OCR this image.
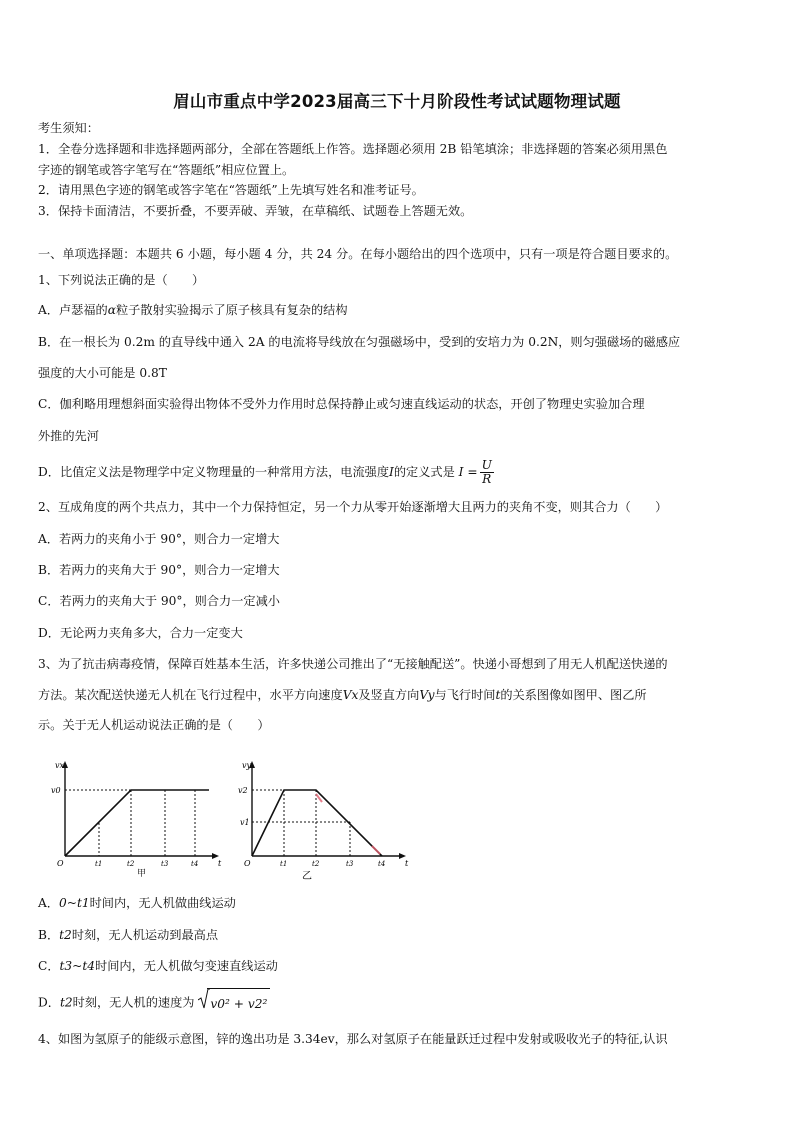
眉山市重点中学2023届高三下十月阶段性考试试题物理试题
考生须知：
1．全卷分选择题和非选择题两部分，全部在答题纸上作答。选择题必须用 2B 铅笔填涂；非选择题的答案必须用黑色
字迹的钢笔或答字笔写在“答题纸”相应位置上。
2．请用黑色字迹的钢笔或答字笔在“答题纸”上先填写姓名和准考证号。
3．保持卡面清洁，不要折叠，不要弄破、弄皱，在草稿纸、试题卷上答题无效。
一、单项选择题：本题共 6 小题，每小题 4 分，共 24 分。在每小题给出的四个选项中，只有一项是符合题目要求的。
1、下列说法正确的是（　　）
A．卢瑟福的α粒子散射实验揭示了原子核具有复杂的结构
B．在一根长为 0.2m 的直导线中通入 2A 的电流将导线放在匀强磁场中，受到的安培力为 0.2N，则匀强磁场的磁感应
强度的大小可能是 0.8T
C．伽利略用理想斜面实验得出物体不受外力作用时总保持静止或匀速直线运动的状态，开创了物理史实验加合理
外推的先河
D．比值定义法是物理学中定义物理量的一种常用方法，电流强度I的定义式是 $I = \frac{U}{R}$
2、互成角度的两个共点力，其中一个力保持恒定，另一个力从零开始逐渐增大且两力的夹角不变，则其合力（　　）
A．若两力的夹角小于 90°，则合力一定增大
B．若两力的夹角大于 90°，则合力一定增大
C．若两力的夹角大于 90°，则合力一定减小
D．无论两力夹角多大，合力一定变大
3、为了抗击病毒疫情，保障百姓基本生活，许多快递公司推出了“无接触配送”。快递小哥想到了用无人机配送快递的
方法。某次配送快递无人机在飞行过程中，水平方向速度Vx及竖直方向Vy与飞行时间t的关系图像如图甲、图乙所
示。关于无人机运动说法正确的是（　　）
vx
v0
O	t
t1	t2	t3	t4
甲
vy
v2
v1
O	t
t1	t2	t3	t4
乙
A．0~t1时间内，无人机做曲线运动
B．t2时刻，无人机运动到最高点
C．t3~t4时间内，无人机做匀变速直线运动
D．t2时刻，无人机的速度为 v0² + v2²
4、如图为氢原子的能级示意图，锌的逸出功是 3.34ev，那么对氢原子在能量跃迁过程中发射或吸收光子的特征,认识
